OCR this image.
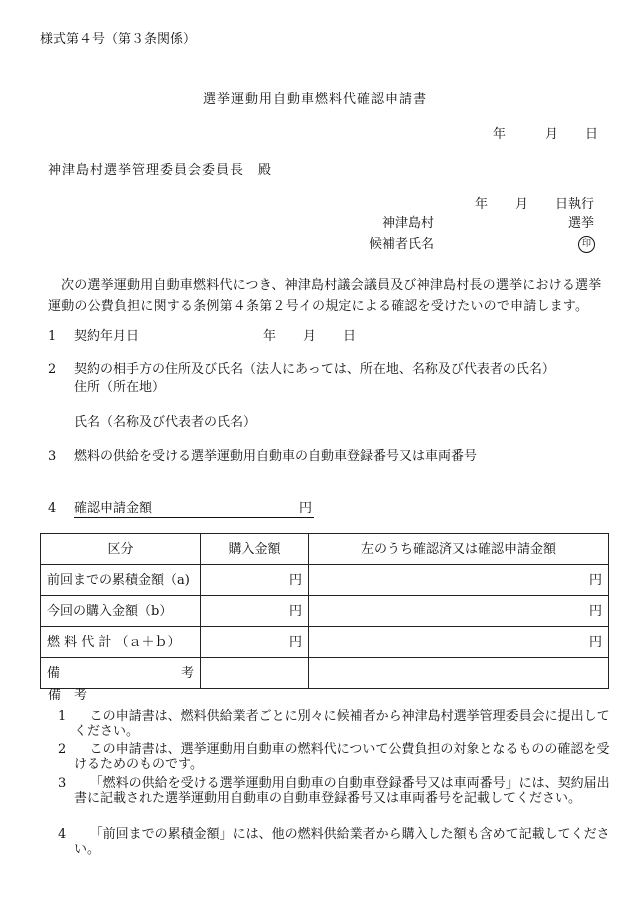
様式第４号（第３条関係）
選挙運動用自動車燃料代確認申請書
年	月 日
神津島村選挙管理委員会委員長 殿
年 月 日執行
神津島村	選挙
候補者氏名	印
次の選挙運動用自動車燃料代につき、神津島村議会議員及び神津島村長の選挙における選挙運動の公費負担に関する条例第４条第２号イの規定による確認を受けたいので申請します。
1 契約年月日	年 月 日
2 契約の相手方の住所及び氏名（法人にあっては、所在地、名称及び代表者の氏名）
住所（所在地）
氏名（名称及び代表者の氏名）
3 燃料の供給を受ける選挙運動用自動車の自動車登録番号又は車両番号
4 確認申請金額	円
区分	購入金額	左のうち確認済又は確認申請金額
前回までの累積金額（a)	円	円
今回の購入金額（b）	円	円
燃 料 代 計 （ａ＋ｂ）	円	円

備 考		

備　考
1	この申請書は、燃料供給業者ごとに別々に候補者から神津島村選挙管理委員会に提出してください。
2	この申請書は、選挙運動用自動車の燃料代について公費負担の対象となるものの確認を受けるためのものです。
3	「燃料の供給を受ける選挙運動用自動車の自動車登録番号又は車両番号」には、契約届出書に記載された選挙運動用自動車の自動車登録番号又は車両番号を記載してください。
4	「前回までの累積金額」には、他の燃料供給業者から購入した額も含めて記載してください。
